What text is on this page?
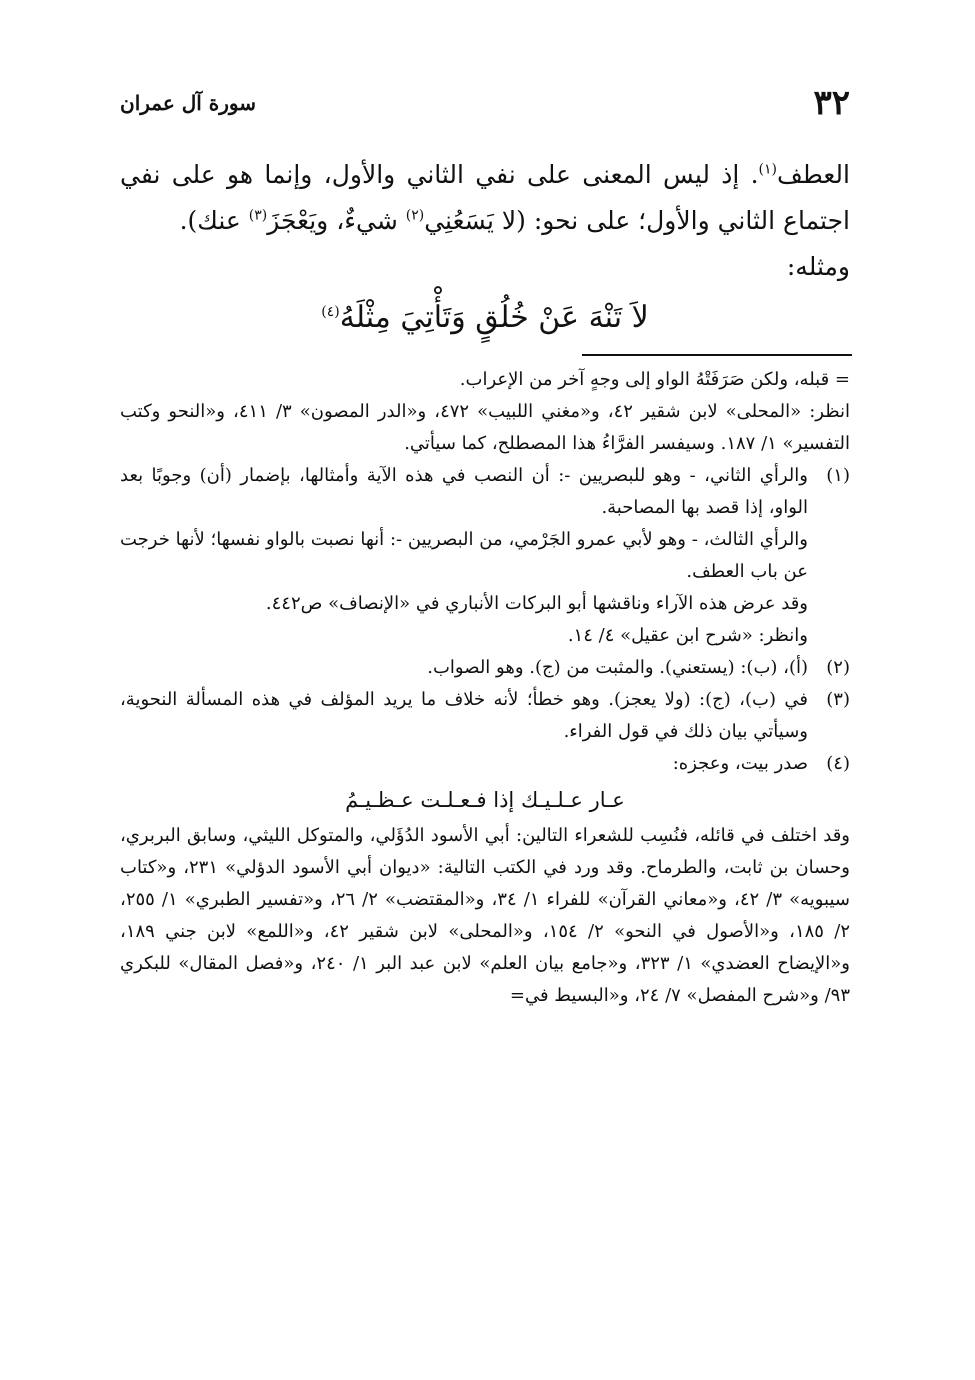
٣٢
سورة آل عمران

العطف$^{(١)}$. إذ ليس المعنى على نفي الثاني والأول، وإنما هو على نفي اجتماع الثاني والأول؛ على نحو: (لا يَسَعُنِي$^{(٢)}$ شيءٌ، ويَعْجَزَ$^{(٣)}$ عنك).

ومثله:

لاَ تَنْهَ عَنْ خُلُقٍ وَتَأْتِيَ مِثْلَهُ$^{(٤)}$

= قبله، ولكن صَرَفَتْهُ الواو إلى وجهٍ آخر من الإعراب.

انظر: «المحلى» لابن شقير ٤٢، و«مغني اللبيب» ٤٧٢، و«الدر المصون» ٣/ ٤١١، و«النحو وكتب التفسير» ١/ ١٨٧. وسيفسر الفرَّاءُ هذا المصطلح، كما سيأتي.

(١)

والرأي الثاني، - وهو للبصريين -: أن النصب في هذه الآية وأمثالها، بإضمار (أن) وجوبًا بعد الواو، إذا قصد بها المصاحبة.

والرأي الثالث، - وهو لأبي عمرو الجَرْمي، من البصريين -: أنها نصبت بالواو نفسها؛ لأنها خرجت عن باب العطف.

وقد عرض هذه الآراء وناقشها أبو البركات الأنباري في «الإنصاف» ص٤٤٢.

وانظر: «شرح ابن عقيل» ٤/ ١٤.

(٢)

(أ)، (ب): (يستعني). والمثبت من (ج). وهو الصواب.

(٣)

في (ب)، (ج): (ولا يعجز). وهو خطأ؛ لأنه خلاف ما يريد المؤلف في هذه المسألة النحوية، وسيأتي بيان ذلك في قول الفراء.

(٤)

صدر بيت، وعجزه:

عـار عـلـيـك إذا فـعـلـت عـظـيـمُ

وقد اختلف في قائله، فنُسِب للشعراء التالين: أبي الأسود الدُؤَلي، والمتوكل الليثي، وسابق البربري، وحسان بن ثابت، والطرماح. وقد ورد في الكتب التالية: «ديوان أبي الأسود الدؤلي» ٢٣١، و«كتاب سيبويه» ٣/ ٤٢، و«معاني القرآن» للفراء ١/ ٣٤، و«المقتضب» ٢/ ٢٦، و«تفسير الطبري» ١/ ٢٥٥، ٢/ ١٨٥، و«الأصول في النحو» ٢/ ١٥٤، و«المحلى» لابن شقير ٤٢، و«اللمع» لابن جني ١٨٩، و«الإيضاح العضدي» ١/ ٣٢٣، و«جامع بيان العلم» لابن عبد البر ١/ ٢٤٠، و«فصل المقال» للبكري ٩٣/ و«شرح المفصل» ٧/ ٢٤، و«البسيط في=
